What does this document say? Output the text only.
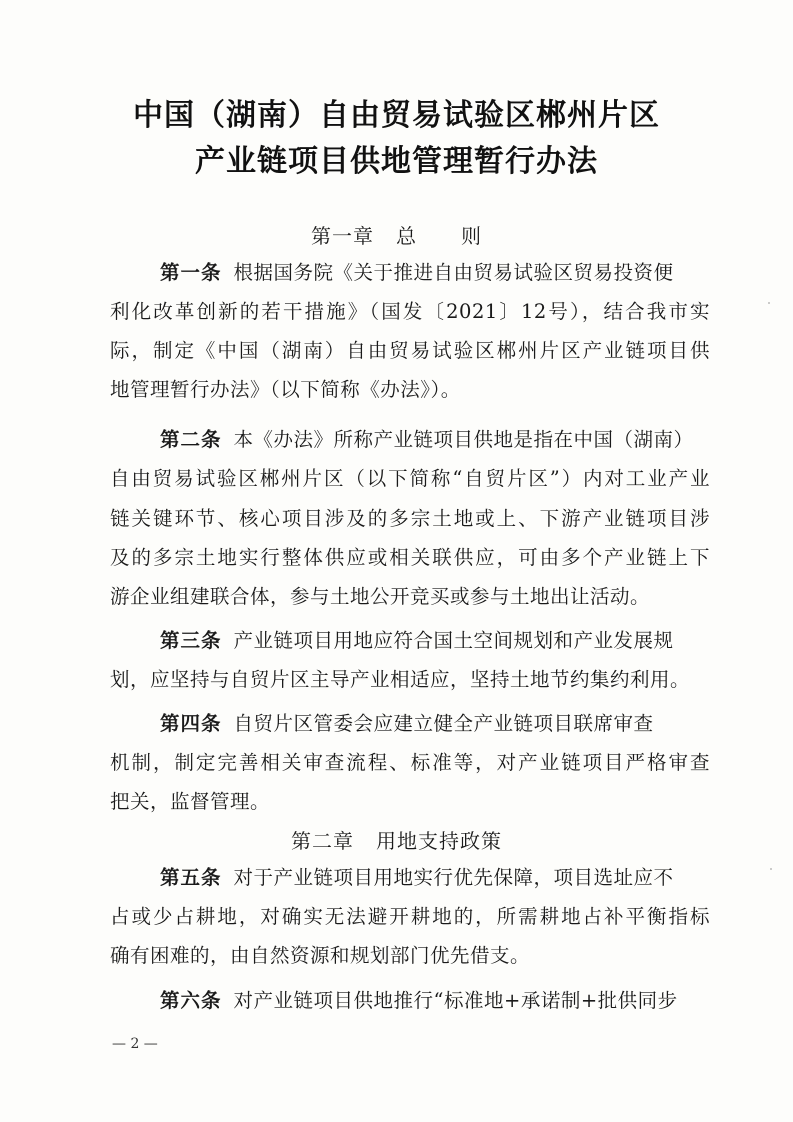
中国（湖南）自由贸易试验区郴州片区
产业链项目供地管理暂行办法
第一章 总 则
第一条 根据国务院《关于推进自由贸易试验区贸易投资便
利化改革创新的若干措施》（国发〔2021〕12号），结合我市实
际，制定《中国（湖南）自由贸易试验区郴州片区产业链项目供
地管理暂行办法》（以下简称《办法》）。
第二条 本《办法》所称产业链项目供地是指在中国（湖南）
自由贸易试验区郴州片区（以下简称“自贸片区”）内对工业产业
链关键环节、核心项目涉及的多宗土地或上、下游产业链项目涉
及的多宗土地实行整体供应或相关联供应，可由多个产业链上下
游企业组建联合体，参与土地公开竞买或参与土地出让活动。
第三条 产业链项目用地应符合国土空间规划和产业发展规
划，应坚持与自贸片区主导产业相适应，坚持土地节约集约利用。
第四条 自贸片区管委会应建立健全产业链项目联席审查
机制，制定完善相关审查流程、标准等，对产业链项目严格审查
把关，监督管理。
第二章 用地支持政策
第五条 对于产业链项目用地实行优先保障，项目选址应不
占或少占耕地，对确实无法避开耕地的，所需耕地占补平衡指标
确有困难的，由自然资源和规划部门优先借支。
第六条 对产业链项目供地推行“标准地+承诺制+批供同步
— 2 —
